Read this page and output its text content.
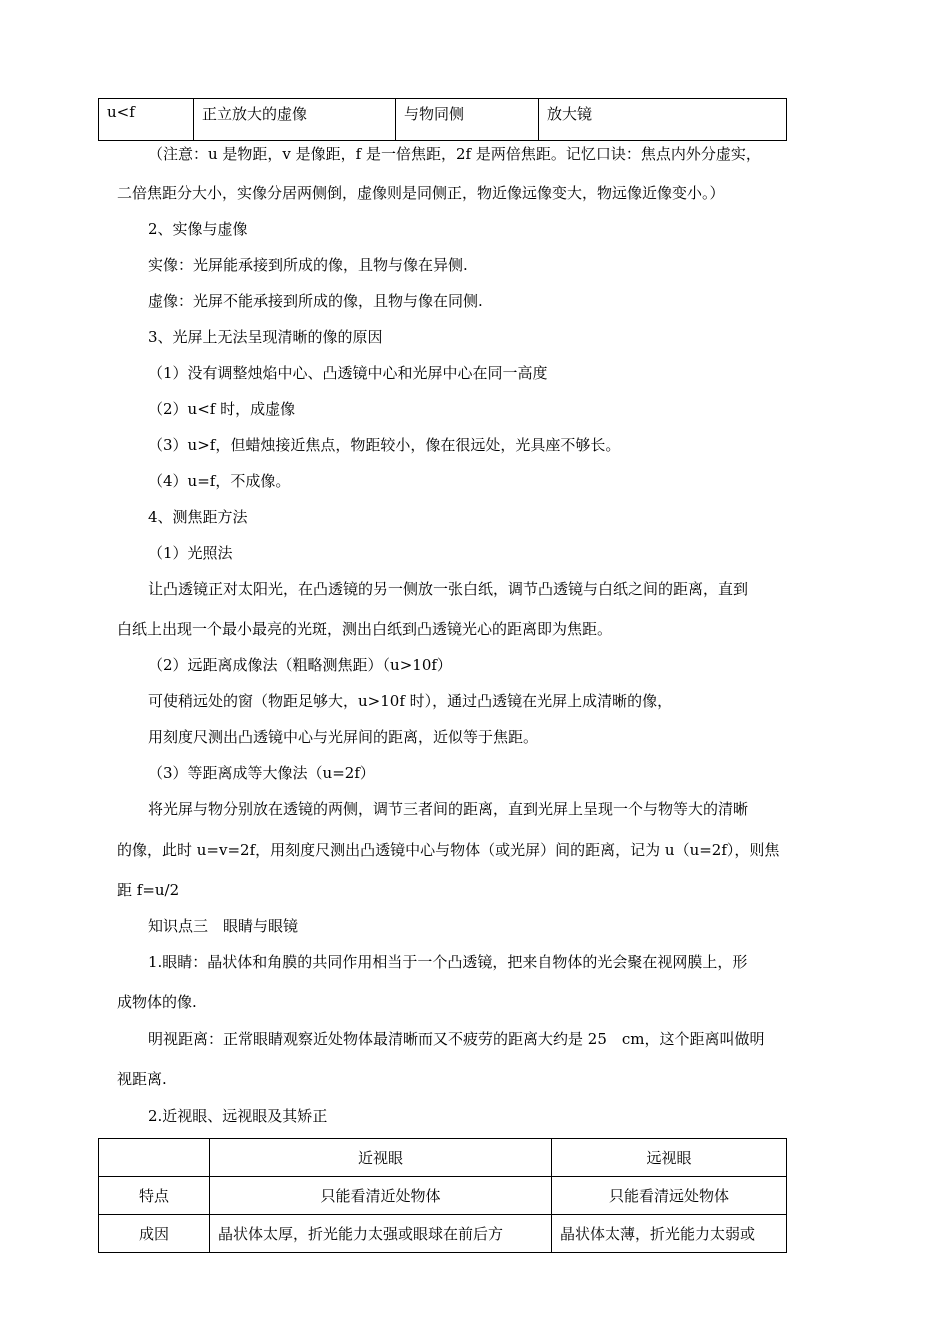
u<f	正立放大的虚像	与物同侧	放大镜
（注意：u 是物距，v 是像距，f 是一倍焦距，2f 是两倍焦距。记忆口诀：焦点内外分虚实，
二倍焦距分大小，实像分居两侧倒，虚像则是同侧正，物近像远像变大，物远像近像变小。）
2、实像与虚像
实像：光屏能承接到所成的像，且物与像在异侧.
虚像：光屏不能承接到所成的像，且物与像在同侧.
3、光屏上无法呈现清晰的像的原因
（1）没有调整烛焰中心、凸透镜中心和光屏中心在同一高度
（2）u<f 时，成虚像
（3）u>f，但蜡烛接近焦点，物距较小，像在很远处，光具座不够长。
（4）u=f，不成像。
4、测焦距方法
（1）光照法
让凸透镜正对太阳光，在凸透镜的另一侧放一张白纸，调节凸透镜与白纸之间的距离，直到
白纸上出现一个最小最亮的光斑，测出白纸到凸透镜光心的距离即为焦距。
（2）远距离成像法（粗略测焦距）（u>10f）
可使稍远处的窗（物距足够大，u>10f 时），通过凸透镜在光屏上成清晰的像，
用刻度尺测出凸透镜中心与光屏间的距离，近似等于焦距。
（3）等距离成等大像法（u=2f）
将光屏与物分别放在透镜的两侧，调节三者间的距离，直到光屏上呈现一个与物等大的清晰
的像，此时 u=v=2f，用刻度尺测出凸透镜中心与物体（或光屏）间的距离，记为 u（u=2f），则焦
距 f=u/2
知识点三　眼睛与眼镜
1.眼睛：晶状体和角膜的共同作用相当于一个凸透镜，把来自物体的光会聚在视网膜上，形
成物体的像.
明视距离：正常眼睛观察近处物体最清晰而又不疲劳的距离大约是 25　cm，这个距离叫做明
视距离.
2.近视眼、远视眼及其矫正
	近视眼	远视眼
特点	只能看清近处物体	只能看清远处物体
成因	晶状体太厚，折光能力太强或眼球在前后方	晶状体太薄，折光能力太弱或
